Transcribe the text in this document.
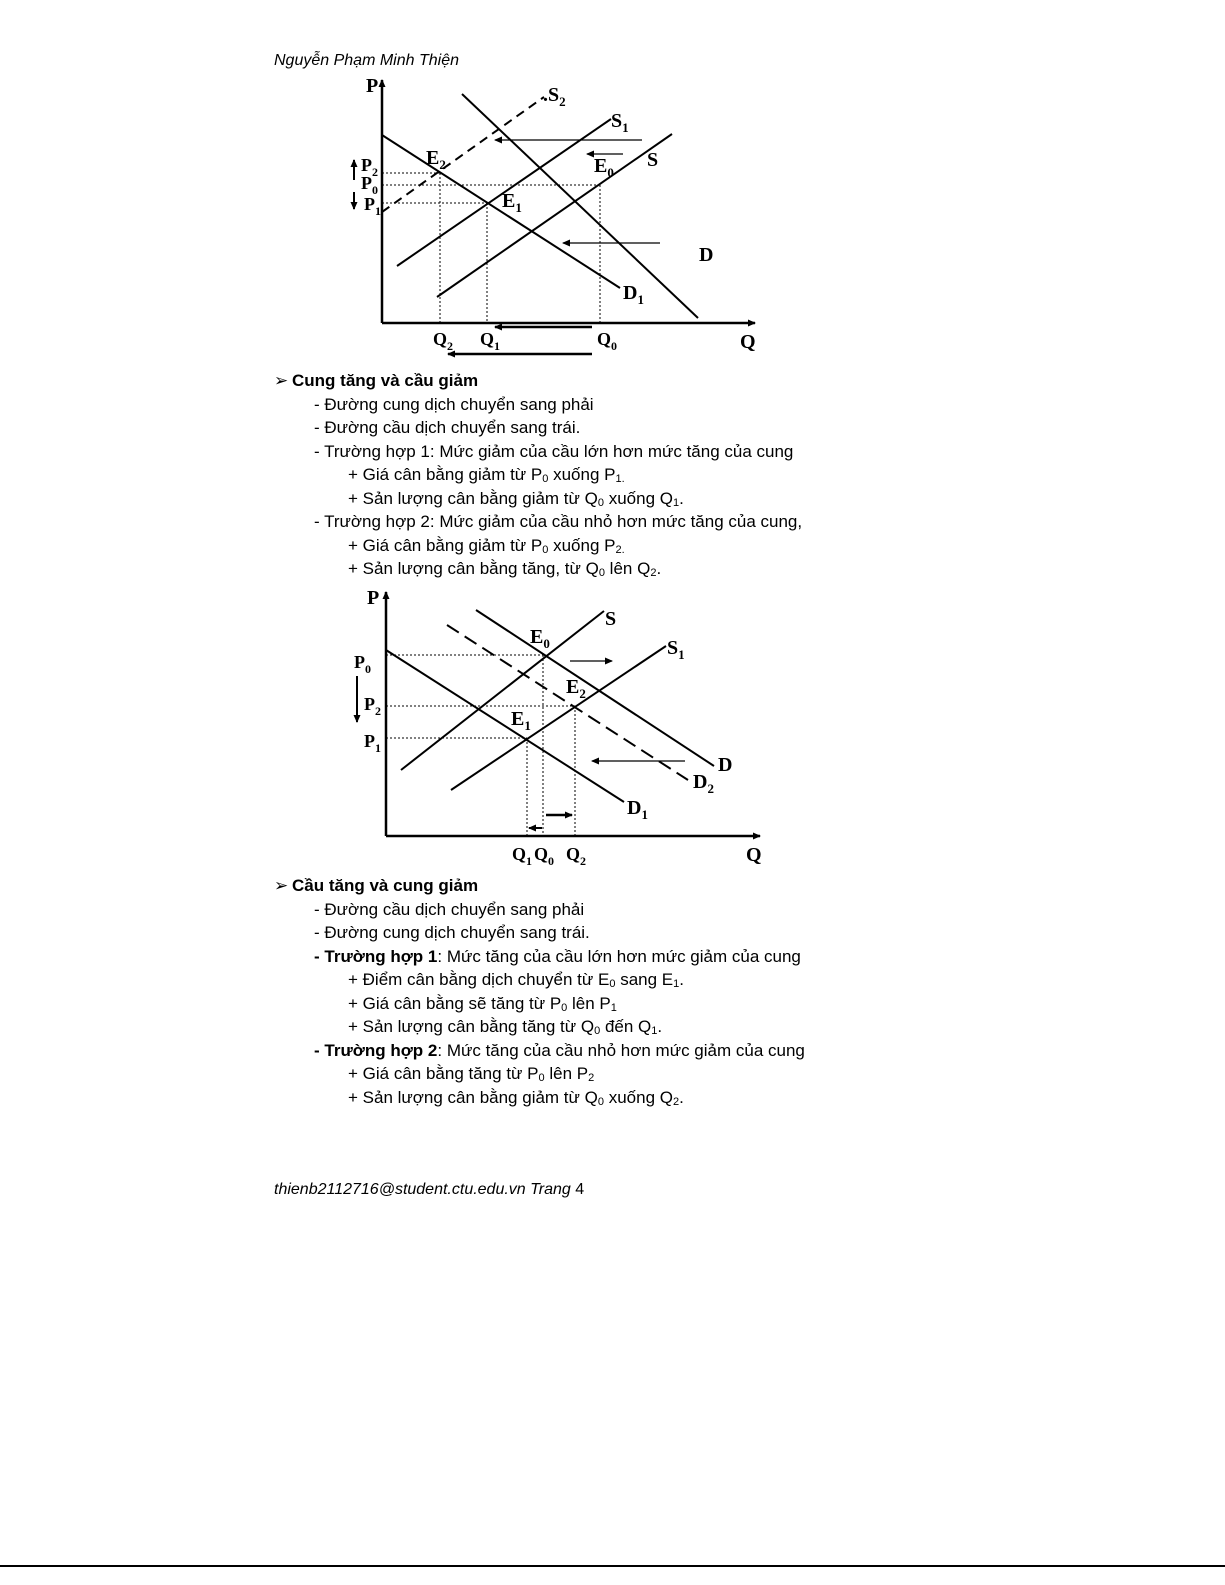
Nguyễn Phạm Minh Thiện
P
Q
$.S_2$
$S_1$
$E_0$
S
$E_2$
$E_1$
D
$D_1$
$P_2$
$P_0$
$P_1$
$Q_2$ $Q_1$	$Q_0$
➢ Cung tăng và cầu giảm
- Đường cung dịch chuyển sang phải
- Đường cầu dịch chuyển sang trái.
- Trường hợp 1: Mức giảm của cầu lớn hơn mức tăng của cung
+ Giá cân bằng giảm từ $P_0$ xuống $P_{1.}$
+ Sản lượng cân bằng giảm từ $Q_0$ xuống $Q_1$.
- Trường hợp 2: Mức giảm của cầu nhỏ hơn mức tăng của cung,
+ Giá cân bằng giảm từ $P_0$ xuống $P_{2.}$
+ Sản lượng cân bằng tăng, từ $Q_0$ lên $Q_2$.
P
Q
S
$E_0$	$S_1$
$E_2$
$E_1$
D
$D_2$
$D_1$
$P_0$
$P_2$
$P_1$
$Q_1$ $Q_0$ $Q_2$
➢ Cầu tăng và cung giảm
- Đường cầu dịch chuyển sang phải
- Đường cung dịch chuyển sang trái.
- Trường hợp 1: Mức tăng của cầu lớn hơn mức giảm của cung
+ Điểm cân bằng dịch chuyển từ $E_0$ sang $E_1$.
+ Giá cân bằng sẽ tăng từ $P_0$ lên $P_1$
+ Sản lượng cân bằng tăng từ $Q_0$ đến $Q_1$.
- Trường hợp 2: Mức tăng của cầu nhỏ hơn mức giảm của cung
+ Giá cân bằng tăng từ $P_0$ lên $P_2$
+ Sản lượng cân bằng giảm từ $Q_0$ xuống $Q_2$.
thienb2112716@student.ctu.edu.vn Trang 4
